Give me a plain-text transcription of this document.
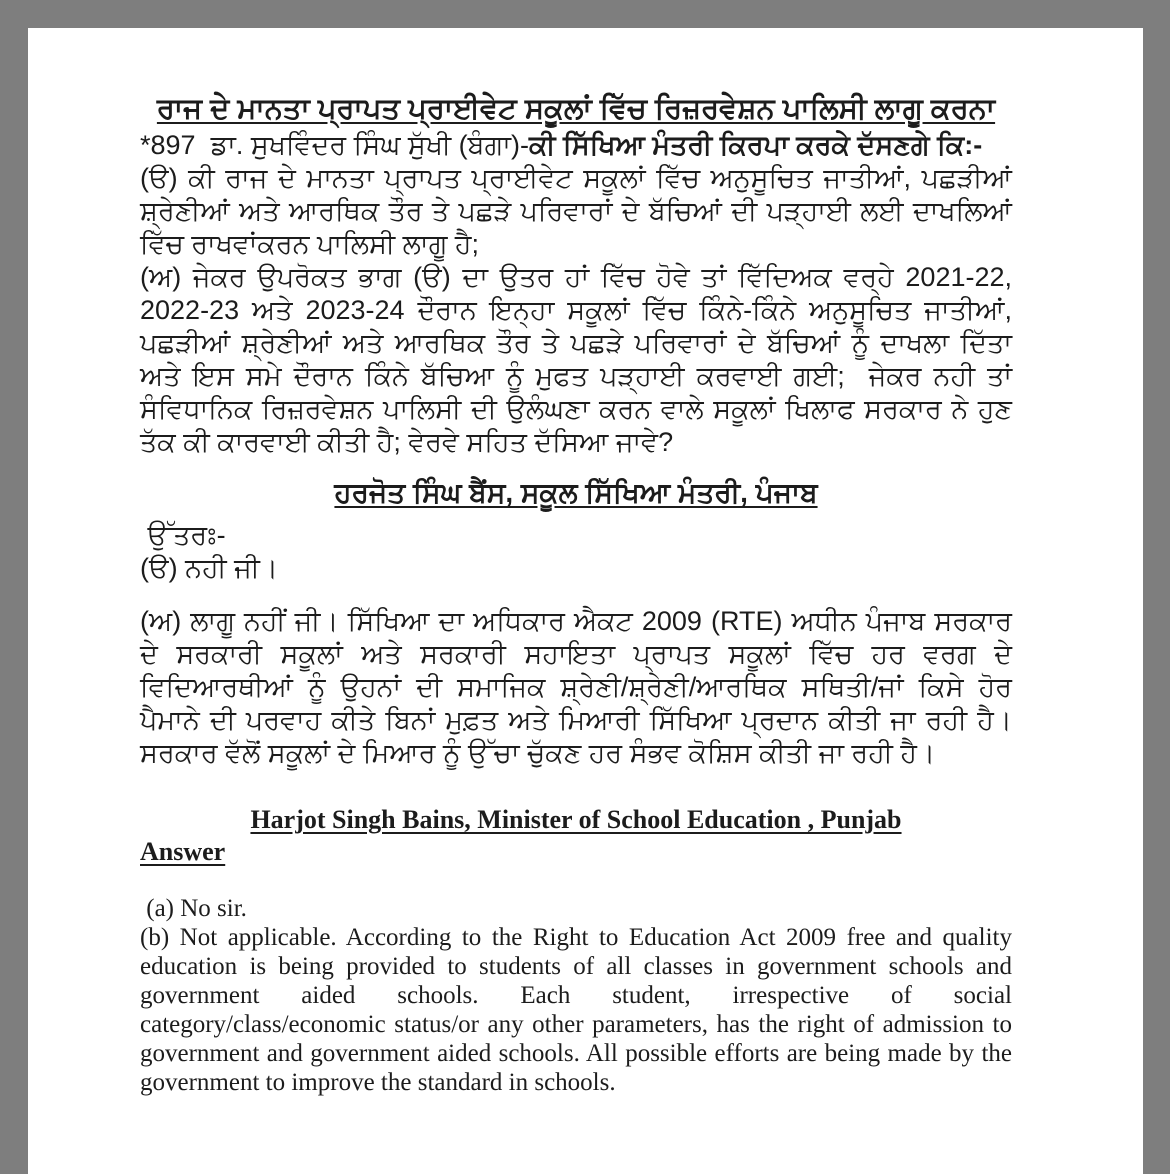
ਰਾਜ ਦੇ ਮਾਨਤਾ ਪ੍ਰਾਪਤ ਪ੍ਰਾਈਵੇਟ ਸਕੂਲਾਂ ਵਿੱਚ ਰਿਜ਼ਰਵੇਸ਼ਨ ਪਾਲਿਸੀ ਲਾਗੂ ਕਰਨਾ

*897  ਡਾ. ਸੁਖਵਿੰਦਰ ਸਿੰਘ ਸੁੱਖੀ (ਬੰਗਾ)-ਕੀ ਸਿੱਖਿਆ ਮੰਤਰੀ ਕਿਰਪਾ ਕਰਕੇ ਦੱਸਣਗੇ ਕਿ:-

(ੳ) ਕੀ ਰਾਜ ਦੇ ਮਾਨਤਾ ਪ੍ਰਾਪਤ ਪ੍ਰਾਈਵੇਟ ਸਕੂਲਾਂ ਵਿੱਚ ਅਨੁਸੂਚਿਤ ਜਾਤੀਆਂ, ਪਛੜੀਆਂ ਸ਼੍ਰੇਣੀਆਂ ਅਤੇ ਆਰਥਿਕ ਤੌਰ ਤੇ ਪਛੜੇ ਪਰਿਵਾਰਾਂ ਦੇ ਬੱਚਿਆਂ ਦੀ ਪੜ੍ਹਾਈ ਲਈ ਦਾਖਲਿਆਂ ਵਿੱਚ ਰਾਖਵਾਂਕਰਨ ਪਾਲਿਸੀ ਲਾਗੂ ਹੈ;

(ਅ) ਜੇਕਰ ਉਪਰੋਕਤ ਭਾਗ (ੳ) ਦਾ ਉਤਰ ਹਾਂ ਵਿੱਚ ਹੋਵੇ ਤਾਂ ਵਿੱਦਿਅਕ ਵਰ੍ਹੇ 2021-22, 2022-23 ਅਤੇ 2023-24 ਦੌਰਾਨ ਇਨ੍ਹਾ ਸਕੂਲਾਂ ਵਿੱਚ ਕਿੰਨੇ-ਕਿੰਨੇ ਅਨੁਸੂਚਿਤ ਜਾਤੀਆਂ, ਪਛੜੀਆਂ ਸ਼੍ਰੇਣੀਆਂ ਅਤੇ ਆਰਥਿਕ ਤੌਰ ਤੇ ਪਛੜੇ ਪਰਿਵਾਰਾਂ ਦੇ ਬੱਚਿਆਂ ਨੂੰ ਦਾਖਲਾ ਦਿੱਤਾ ਅਤੇ ਇਸ ਸਮੇ ਦੌਰਾਨ ਕਿੰਨੇ ਬੱਚਿਆ ਨੂੰ ਮੁਫਤ ਪੜ੍ਹਾਈ ਕਰਵਾਈ ਗਈ;  ਜੇਕਰ ਨਹੀ ਤਾਂ ਸੰਵਿਧਾਨਿਕ ਰਿਜ਼ਰਵੇਸ਼ਨ ਪਾਲਿਸੀ ਦੀ ਉਲੰਘਣਾ ਕਰਨ ਵਾਲੇ ਸਕੂਲਾਂ ਖਿਲਾਫ ਸਰਕਾਰ ਨੇ ਹੁਣ ਤੱਕ ਕੀ ਕਾਰਵਾਈ ਕੀਤੀ ਹੈ; ਵੇਰਵੇ ਸਹਿਤ ਦੱਸਿਆ ਜਾਵੇ?

ਹਰਜੋਤ ਸਿੰਘ ਬੈਂਸ, ਸਕੂਲ ਸਿੱਖਿਆ ਮੰਤਰੀ, ਪੰਜਾਬ

ਉੱਤਰਃ-

(ੳ) ਨਹੀ ਜੀ।

(ਅ) ਲਾਗੂ ਨਹੀਂ ਜੀ। ਸਿੱਖਿਆ ਦਾ ਅਧਿਕਾਰ ਐਕਟ 2009 (RTE) ਅਧੀਨ ਪੰਜਾਬ ਸਰਕਾਰ ਦੇ ਸਰਕਾਰੀ ਸਕੂਲਾਂ ਅਤੇ ਸਰਕਾਰੀ ਸਹਾਇਤਾ ਪ੍ਰਾਪਤ ਸਕੂਲਾਂ ਵਿੱਚ ਹਰ ਵਰਗ ਦੇ ਵਿਦਿਆਰਥੀਆਂ ਨੂੰ ਉਹਨਾਂ ਦੀ ਸਮਾਜਿਕ ਸ਼੍ਰੇਣੀ/ਸ਼੍ਰੇਣੀ/ਆਰਥਿਕ ਸਥਿਤੀ/ਜਾਂ ਕਿਸੇ ਹੋਰ ਪੈਮਾਨੇ ਦੀ ਪਰਵਾਹ ਕੀਤੇ ਬਿਨਾਂ ਮੁਫ਼ਤ ਅਤੇ ਮਿਆਰੀ ਸਿੱਖਿਆ ਪ੍ਰਦਾਨ ਕੀਤੀ ਜਾ ਰਹੀ ਹੈ। ਸਰਕਾਰ ਵੱਲੋਂ ਸਕੂਲਾਂ ਦੇ ਮਿਆਰ ਨੂੰ ਉੱਚਾ ਚੁੱਕਣ ਹਰ ਸੰਭਵ ਕੋਸ਼ਿਸ ਕੀਤੀ ਜਾ ਰਹੀ ਹੈ।

Harjot Singh Bains, Minister of School Education , Punjab

Answer

(a) No sir.

(b) Not applicable. According to the Right to Education Act 2009 free and quality education is being provided to students of all classes in government schools and government aided schools. Each student, irrespective of social category/class/economic status/or any other parameters, has the right of admission to government and government aided schools. All possible efforts are being made by the government to improve the standard in schools.
